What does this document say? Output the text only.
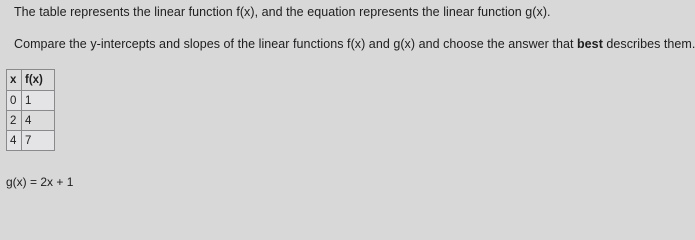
The table represents the linear function f(x), and the equation represents the linear function g(x).
Compare the y-intercepts and slopes of the linear functions f(x) and g(x) and choose the answer that best describes them.
x	f(x)
0	1
2	4
4	7
g(x) = 2x + 1
